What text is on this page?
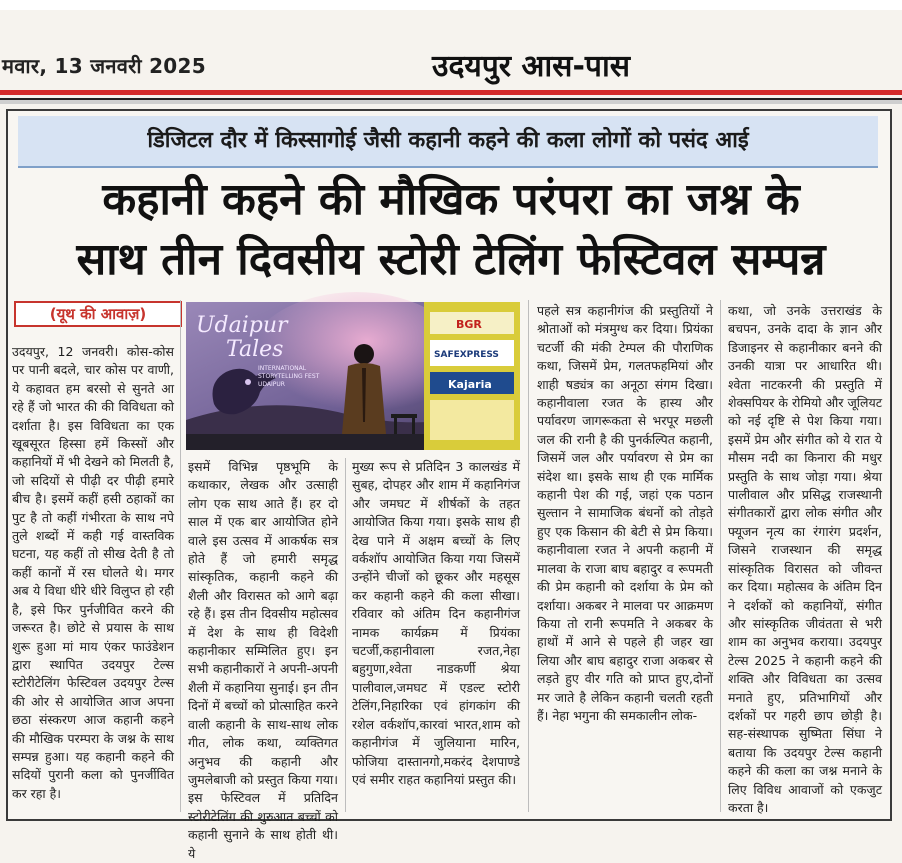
मवार, 13 जनवरी 2025	उदयपुर आस-पास
डिजिटल दौर में किस्सागोई जैसी कहानी कहने की कला लोगों को पसंद आई
कहानी कहने की मौखिक परंपरा का जश्न के
साथ तीन दिवसीय स्टोरी टेलिंग फेस्टिवल सम्पन्न
(यूथ की आवाज़)	Udaipur
Tales
INTERNATIONAL
STORYTELLING FEST
UDAIPUR
BGR
SAFEXPRESS
Kajaria

उदयपुर, 12 जनवरी। कोस-कोस पर पानी बदले, चार कोस पर वाणी, ये कहावत हम बरसो से सुनते आ रहे हैं जो भारत की की विविधता को दर्शाता है। इस विविधता का एक खूबसूरत हिस्सा हमें किस्सों और कहानियों में भी देखने को मिलती है, जो सदियों से पीढ़ी दर पीढ़ी हमारे बीच है। इसमें कहीं हसी ठहाकों का पुट है तो कहीं गंभीरता के साथ नपे तुले शब्दों में कही गई वास्तविक घटना, यह कहीं तो सीख देती है तो कहीं कानों में रस घोलते थे। मगर अब ये विधा धीरे धीरे विलुप्त हो रही है, इसे फिर पुर्नजीवित करने की जरूरत है। छोटे से प्रयास के साथ शुरू हुआ मां माय एंकर फाउंडेशन द्वारा स्थापित उदयपुर टेल्स स्टोरीटेलिंग फेस्टिवल उदयपुर टेल्स की ओर से आयोजित आज अपना छठा संस्करण आज कहानी कहने की मौखिक परम्परा के जश्न के साथ सम्पन्न हुआ। यह कहानी कहने की सदियों पुरानी कला को पुनर्जीवित कर रहा है।

इसमें विभिन्न पृष्ठभूमि के कथाकार, लेखक और उत्साही लोग एक साथ आते हैं। हर दो साल में एक बार आयोजित होने वाले इस उत्सव में आकर्षक सत्र होते हैं जो हमारी समृद्ध सांस्कृतिक, कहानी कहने की शैली और विरासत को आगे बढ़ा रहे हैं। इस तीन दिवसीय महोत्सव में देश के साथ ही विदेशी कहानीकार सम्मिलित हुए। इन सभी कहानीकारों ने अपनी-अपनी शैली में कहानिया सुनाई। इन तीन दिनों में बच्चों को प्रोत्साहित करने वाली कहानी के साथ-साथ लोक गीत, लोक कथा, व्यक्तिगत अनुभव की कहानी और जुमलेबाजी को प्रस्तुत किया गया। इस फेस्टिवल में प्रतिदिन स्टोरीटेलिंग की शुरुआत बच्चों को कहानी सुनाने के साथ होती थी। ये

मुख्य रूप से प्रतिदिन 3 कालखंड में सुबह, दोपहर और शाम में कहानिगंज और जमघट में शीर्षकों के तहत आयोजित किया गया। इसके साथ ही देख पाने में अक्षम बच्चों के लिए वर्कशॉप आयोजित किया गया जिसमें उन्होंने चीजों को छूकर और महसूस कर कहानी कहने की कला सीखा। रविवार को अंतिम दिन कहानीगंज नामक कार्यक्रम में प्रियंका चटर्जी,कहानीवाला रजत,नेहा बहुगुणा,श्वेता नाडकर्णी श्रेया पालीवाल,जमघट में एडल्ट स्टोरी टेलिंग,निहारिका एवं हांगकांग की रशेल वर्कशॉप,कारवां भारत,शाम को कहानीगंज में जुलियाना मारिन, फोजिया दास्तानगो,मकरंद देशपाण्डे एवं समीर राहत कहानियां प्रस्तुत की।

पहले सत्र कहानीगंज की प्रस्तुतियों ने श्रोताओं को मंत्रमुग्ध कर दिया। प्रियंका चटर्जी की मंकी टेम्पल की पौराणिक कथा, जिसमें प्रेम, गलतफहमियां और शाही षड्यंत्र का अनूठा संगम दिखा। कहानीवाला रजत के हास्य और पर्यावरण जागरूकता से भरपूर मछली जल की रानी है की पुनर्कल्पित कहानी, जिसमें जल और पर्यावरण से प्रेम का संदेश था। इसके साथ ही एक मार्मिक कहानी पेश की गई, जहां एक पठान सुल्तान ने सामाजिक बंधनों को तोड़ते हुए एक किसान की बेटी से प्रेम किया। कहानीवाला रजत ने अपनी कहानी में मालवा के राजा बाघ बहादुर व रूपमती की प्रेम कहानी को दर्शाया के प्रेम को दर्शाया। अकबर ने मालवा पर आक्रमण किया तो रानी रूपमति ने अकबर के हाथों में आने से पहले ही जहर खा लिया और बाघ बहादुर राजा अकबर से लड़ते हुए वीर गति को प्राप्त हुए,दोनों मर जाते है लेकिन कहानी चलती रहती हैं। नेहा भगुना की समकालीन लोक-

कथा, जो उनके उत्तराखंड के बचपन, उनके दादा के ज्ञान और डिजाइनर से कहानीकार बनने की उनकी यात्रा पर आधारित थी। श्वेता नाटकरनी की प्रस्तुति में शेक्सपियर के रोमियो और जूलियट को नई दृष्टि से पेश किया गया। इसमें प्रेम और संगीत को ये रात ये मौसम नदी का किनारा की मधुर प्रस्तुति के साथ जोड़ा गया। श्रेया पालीवाल और प्रसिद्ध राजस्थानी संगीतकारों द्वारा लोक संगीत और फ्यूजन नृत्य का रंगारंग प्रदर्शन, जिसने राजस्थान की समृद्ध सांस्कृतिक विरासत को जीवन्त कर दिया। महोत्सव के अंतिम दिन ने दर्शकों को कहानियों, संगीत और सांस्कृतिक जीवंतता से भरी शाम का अनुभव कराया। उदयपुर टेल्स 2025 ने कहानी कहने की शक्ति और विविधता का उत्सव मनाते हुए, प्रतिभागियों और दर्शकों पर गहरी छाप छोड़ी है। सह-संस्थापक सुष्मिता सिंघा ने बताया कि उदयपुर टेल्स कहानी कहने की कला का जश्न मनाने के लिए विविध आवाजों को एकजुट करता है।
